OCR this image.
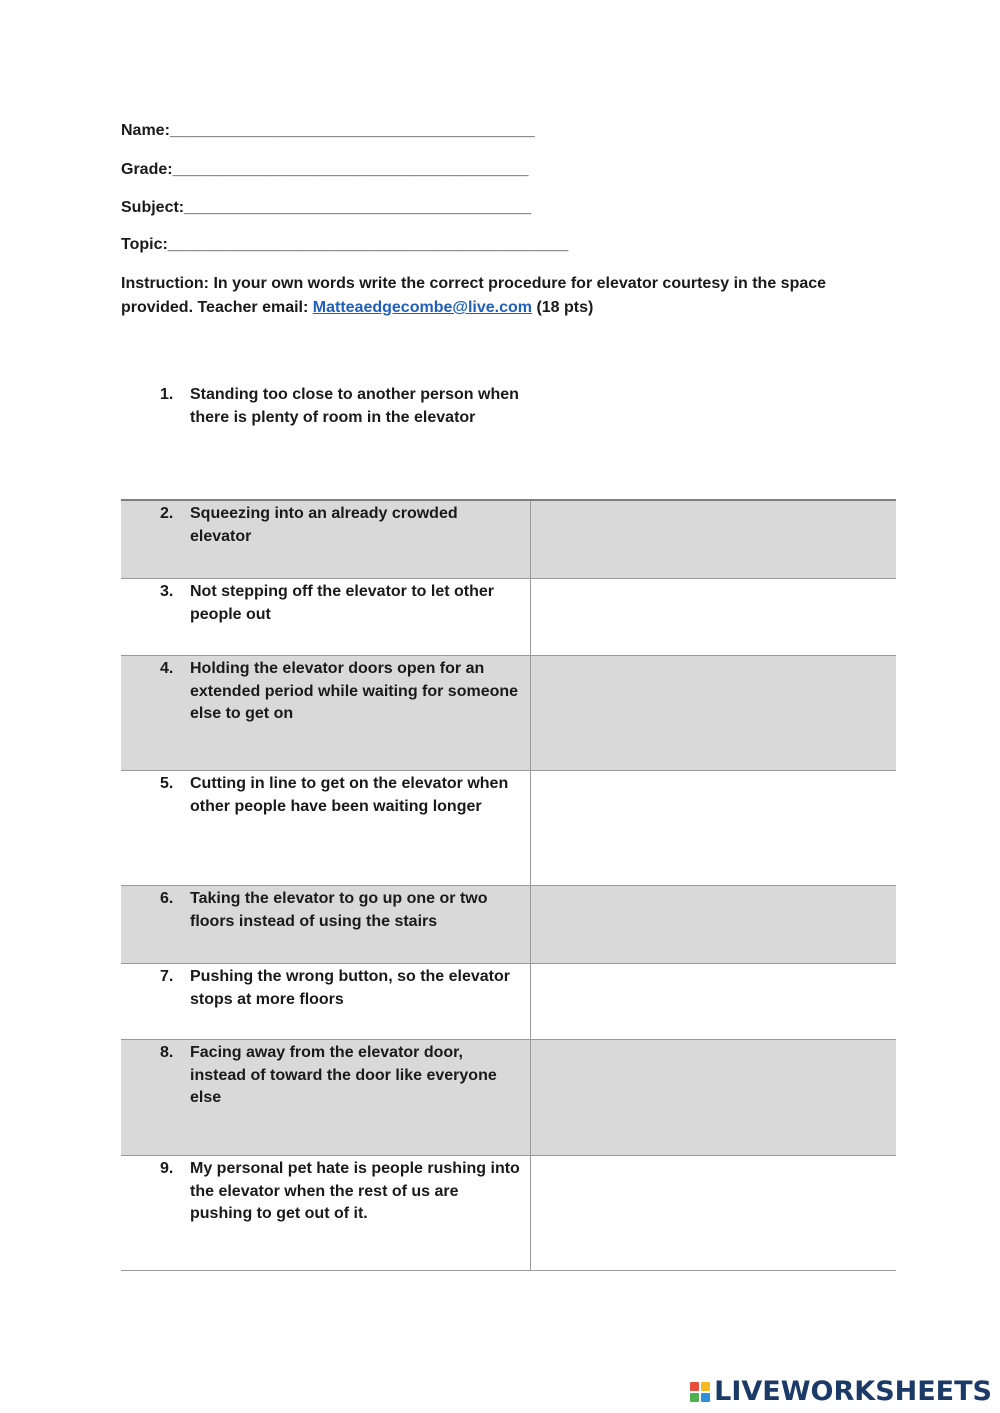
Name:_________________________________________
Grade:________________________________________
Subject:_______________________________________
Topic:_____________________________________________
Instruction: In your own words write the correct procedure for elevator courtesy in the space provided. Teacher email: Matteaedgecombe@live.com (18 pts)
1.	Standing too close to another person when there is plenty of room in the elevator
2.	Squeezing into an already crowded elevator
3.	Not stepping off the elevator to let other people out
4.	Holding the elevator doors open for an extended period while waiting for someone else to get on
5.	Cutting in line to get on the elevator when other people have been waiting longer
6.	Taking the elevator to go up one or two floors instead of using the stairs
7.	Pushing the wrong button, so the elevator stops at more floors
8.	Facing away from the elevator door, instead of toward the door like everyone else
9.	My personal pet hate is people rushing into the elevator when the rest of us are pushing to get out of it.
LIVEWORKSHEETS
